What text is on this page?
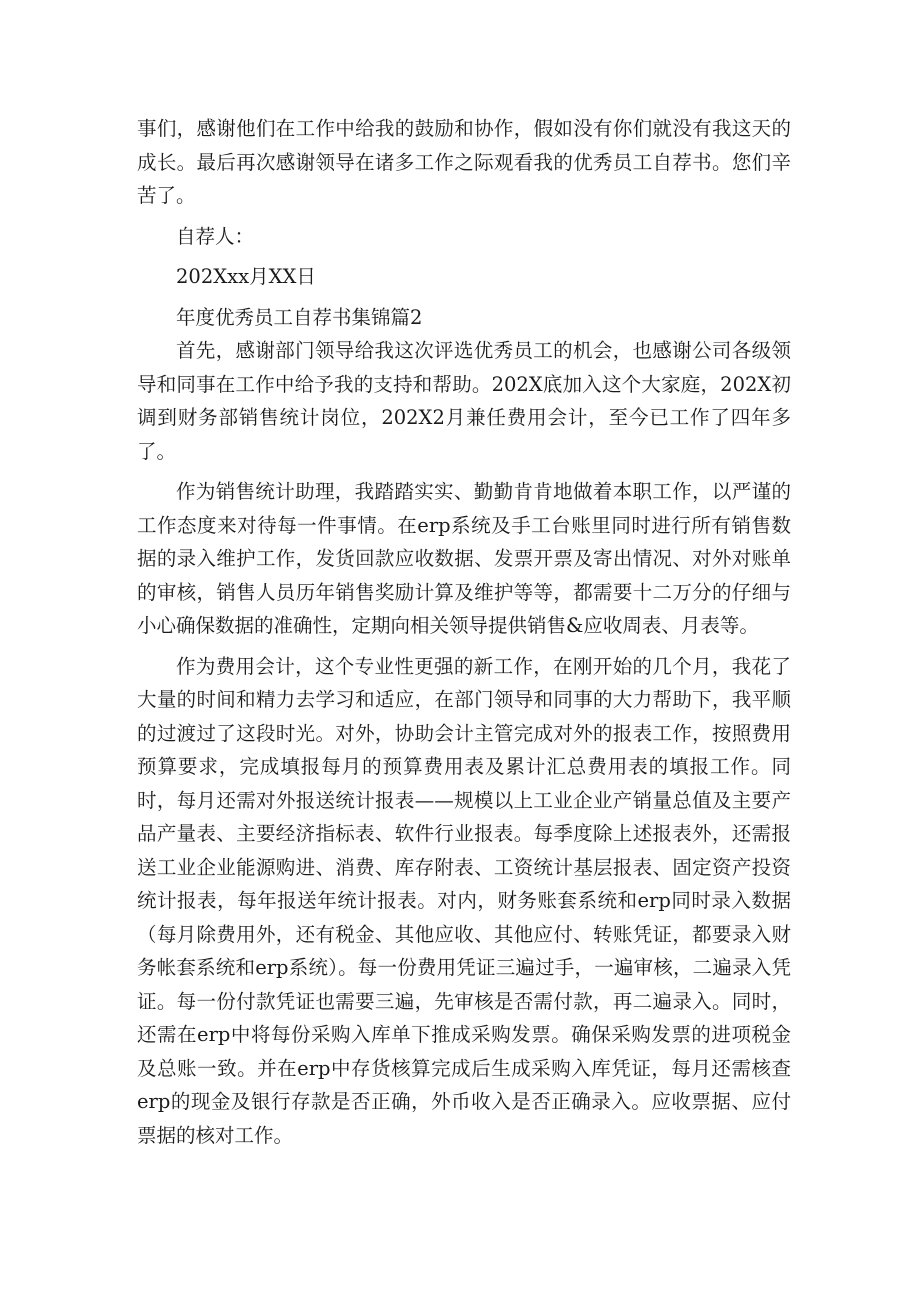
事们，感谢他们在工作中给我的鼓励和协作，假如没有你们就没有我这天的成长。最后再次感谢领导在诸多工作之际观看我的优秀员工自荐书。您们辛苦了。

自荐人：

202Xxx月XX日

年度优秀员工自荐书集锦篇2

首先，感谢部门领导给我这次评选优秀员工的机会，也感谢公司各级领导和同事在工作中给予我的支持和帮助。202X底加入这个大家庭，202X初调到财务部销售统计岗位，202X2月兼任费用会计，至今已工作了四年多了。

作为销售统计助理，我踏踏实实、勤勤肯肯地做着本职工作，以严谨的工作态度来对待每一件事情。在erp系统及手工台账里同时进行所有销售数据的录入维护工作，发货回款应收数据、发票开票及寄出情况、对外对账单的审核，销售人员历年销售奖励计算及维护等等，都需要十二万分的仔细与小心确保数据的准确性，定期向相关领导提供销售&应收周表、月表等。

作为费用会计，这个专业性更强的新工作，在刚开始的几个月，我花了大量的时间和精力去学习和适应，在部门领导和同事的大力帮助下，我平顺的过渡过了这段时光。对外，协助会计主管完成对外的报表工作，按照费用预算要求，完成填报每月的预算费用表及累计汇总费用表的填报工作。同时，每月还需对外报送统计报表——规模以上工业企业产销量总值及主要产品产量表、主要经济指标表、软件行业报表。每季度除上述报表外，还需报送工业企业能源购进、消费、库存附表、工资统计基层报表、固定资产投资统计报表，每年报送年统计报表。对内，财务账套系统和erp同时录入数据（每月除费用外，还有税金、其他应收、其他应付、转账凭证，都要录入财务帐套系统和erp系统）。每一份费用凭证三遍过手，一遍审核，二遍录入凭证。每一份付款凭证也需要三遍，先审核是否需付款，再二遍录入。同时，还需在erp中将每份采购入库单下推成采购发票。确保采购发票的进项税金及总账一致。并在erp中存货核算完成后生成采购入库凭证，每月还需核查erp的现金及银行存款是否正确，外币收入是否正确录入。应收票据、应付票据的核对工作。
